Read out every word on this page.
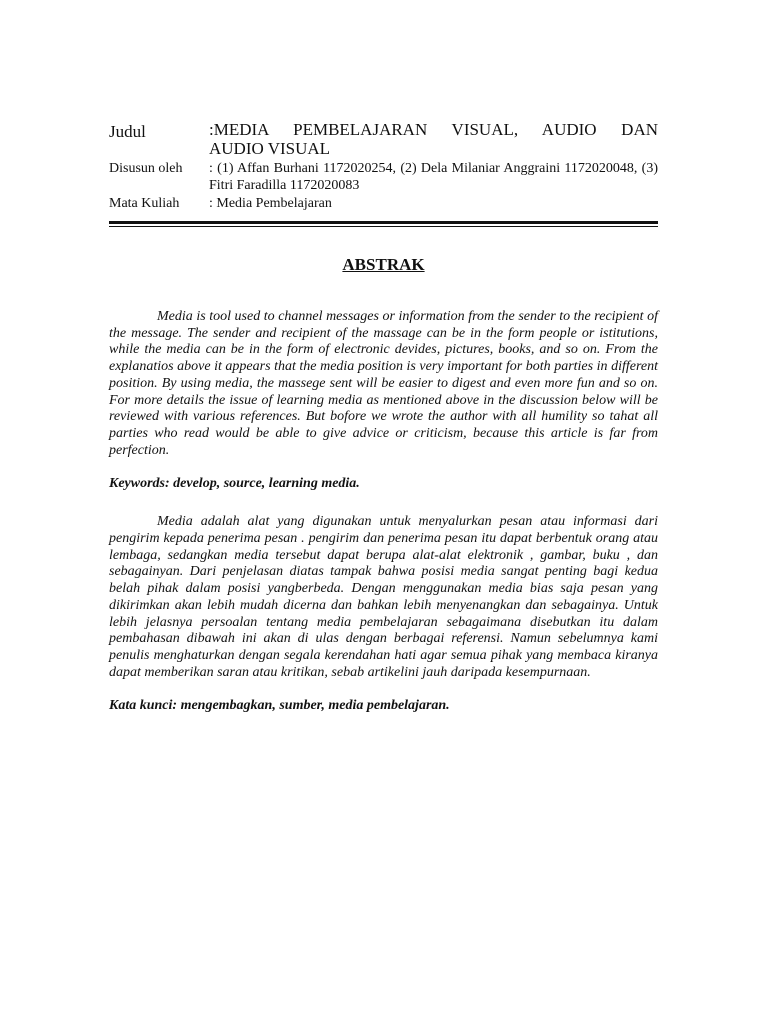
Judul	:MEDIA PEMBELAJARAN VISUAL, AUDIO DAN
AUDIO VISUAL
Disusun oleh	: (1) Affan Burhani 1172020254, (2) Dela Milaniar Anggraini 1172020048, (3) Fitri Faradilla 1172020083
Mata Kuliah	: Media Pembelajaran
ABSTRAK

Media is tool used to channel messages or information from the sender to the recipient of the message. The sender and recipient of the massage can be in the form people or istitutions, while the media can be in the form of electronic devides, pictures, books, and so on. From the explanatios above it appears that the media position is very important for both parties in different position. By using media, the massege sent will be easier to digest and even more fun and so on. For more details the issue of learning media as mentioned above in the discussion below will be reviewed with various references. But bofore we wrote the author with all humility so tahat all parties who read would be able to give advice or criticism, because this article is far from perfection.

Keywords: develop, source, learning media.

Media adalah alat yang digunakan untuk menyalurkan pesan atau informasi dari pengirim kepada penerima pesan . pengirim dan penerima pesan itu dapat berbentuk orang atau lembaga, sedangkan media tersebut dapat berupa alat-alat elektronik , gambar, buku , dan sebagainyan. Dari penjelasan diatas tampak bahwa posisi media sangat penting bagi kedua belah pihak dalam posisi yangberbeda. Dengan menggunakan media bias saja pesan yang dikirimkan akan lebih mudah dicerna dan bahkan lebih menyenangkan dan sebagainya. Untuk lebih jelasnya persoalan tentang media pembelajaran sebagaimana disebutkan itu dalam pembahasan dibawah ini akan di ulas dengan berbagai referensi. Namun sebelumnya kami penulis menghaturkan dengan segala kerendahan hati agar semua pihak yang membaca kiranya dapat memberikan saran atau kritikan, sebab artikelini jauh daripada kesempurnaan.

Kata kunci: mengembagkan, sumber, media pembelajaran.
